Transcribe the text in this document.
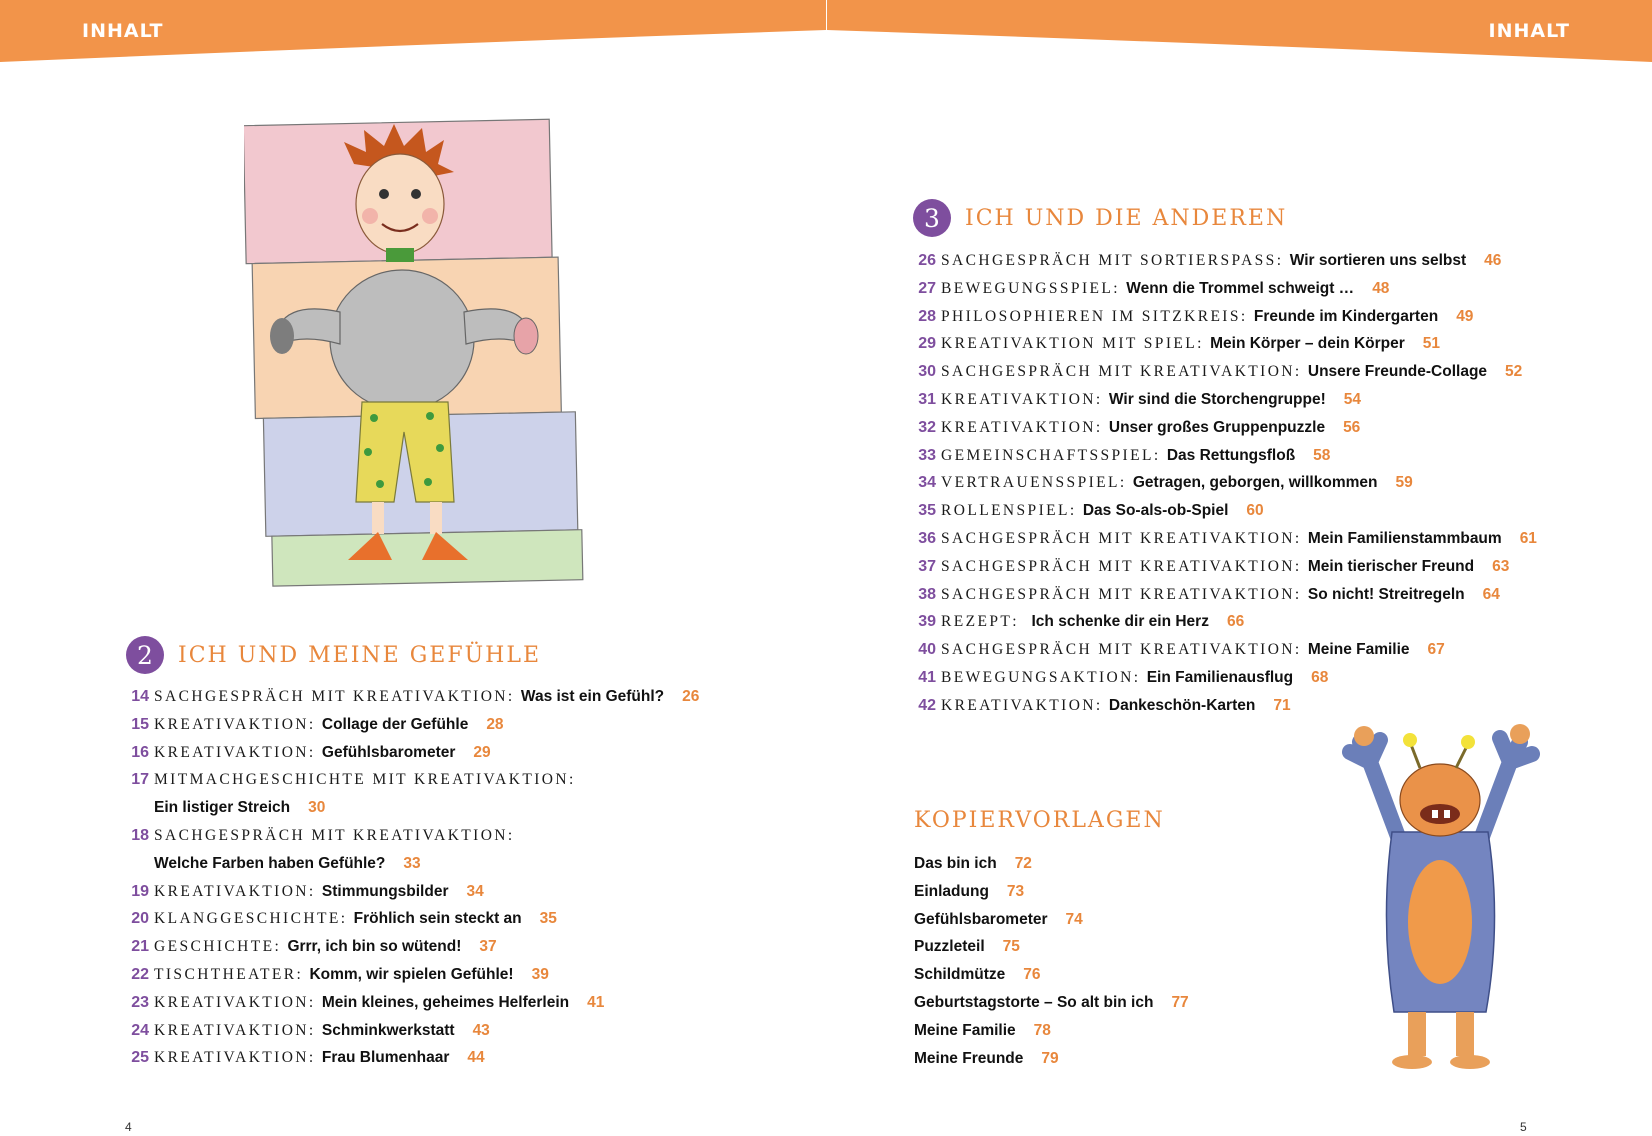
INHALT	INHALT
2	ICH UND MEINE GEFÜHLE
14 SACHGESPRÄCH MIT KREATIVAKTION : Was ist ein Gefühl? 26
15 KREATIVAKTION : Collage der Gefühle 28
16 KREATIVAKTION : Gefühlsbarometer 29
17 MITMACHGESCHICHTE MIT KREATIVAKTION :
Ein listiger Streich 30
18 SACHGESPRÄCH MIT KREATIVAKTION :
Welche Farben haben Gefühle? 33
19 KREATIVAKTION : Stimmungsbilder 34
20 KLANGGESCHICHTE : Fröhlich sein steckt an 35
21 GESCHICHTE : Grrr, ich bin so wütend! 37
22 TISCHTHEATER : Komm, wir spielen Gefühle! 39
23 KREATIVAKTION : Mein kleines, geheimes Helferlein 41
24 KREATIVAKTION : Schminkwerkstatt 43
25 KREATIVAKTION : Frau Blumenhaar 44
3	ICH UND DIE ANDEREN
26 SACHGESPRÄCH MIT SORTIERSPASS : Wir sortieren uns selbst 46
27 BEWEGUNGSSPIEL : Wenn die Trommel schweigt … 48
28 PHILOSOPHIEREN IM SITZKREIS : Freunde im Kindergarten 49
29 KREATIVAKTION MIT SPIEL : Mein Körper – dein Körper 51
30 SACHGESPRÄCH MIT KREATIVAKTION : Unsere Freunde-Collage 52
31 KREATIVAKTION : Wir sind die Storchengruppe! 54
32 KREATIVAKTION : Unser großes Gruppenpuzzle 56
33 GEMEINSCHAFTSSPIEL : Das Rettungsfloß 58
34 VERTRAUENSSPIEL : Getragen, geborgen, willkommen 59
35 ROLLENSPIEL : Das So-als-ob-Spiel 60
36 SACHGESPRÄCH MIT KREATIVAKTION : Mein Familienstammbaum 61
37 SACHGESPRÄCH MIT KREATIVAKTION : Mein tierischer Freund 63
38 SACHGESPRÄCH MIT KREATIVAKTION : So nicht! Streitregeln 64
39 REZEPT : Ich schenke dir ein Herz 66
40 SACHGESPRÄCH MIT KREATIVAKTION : Meine Familie 67
41 BEWEGUNGSAKTION : Ein Familienausflug 68
42 KREATIVAKTION : Dankeschön-Karten 71
KOPIERVORLAGEN
Das bin ich 72
Einladung 73
Gefühlsbarometer 74
Puzzleteil 75
Schildmütze 76
Geburtstagstorte – So alt bin ich 77
Meine Familie 78
Meine Freunde 79
4	5
